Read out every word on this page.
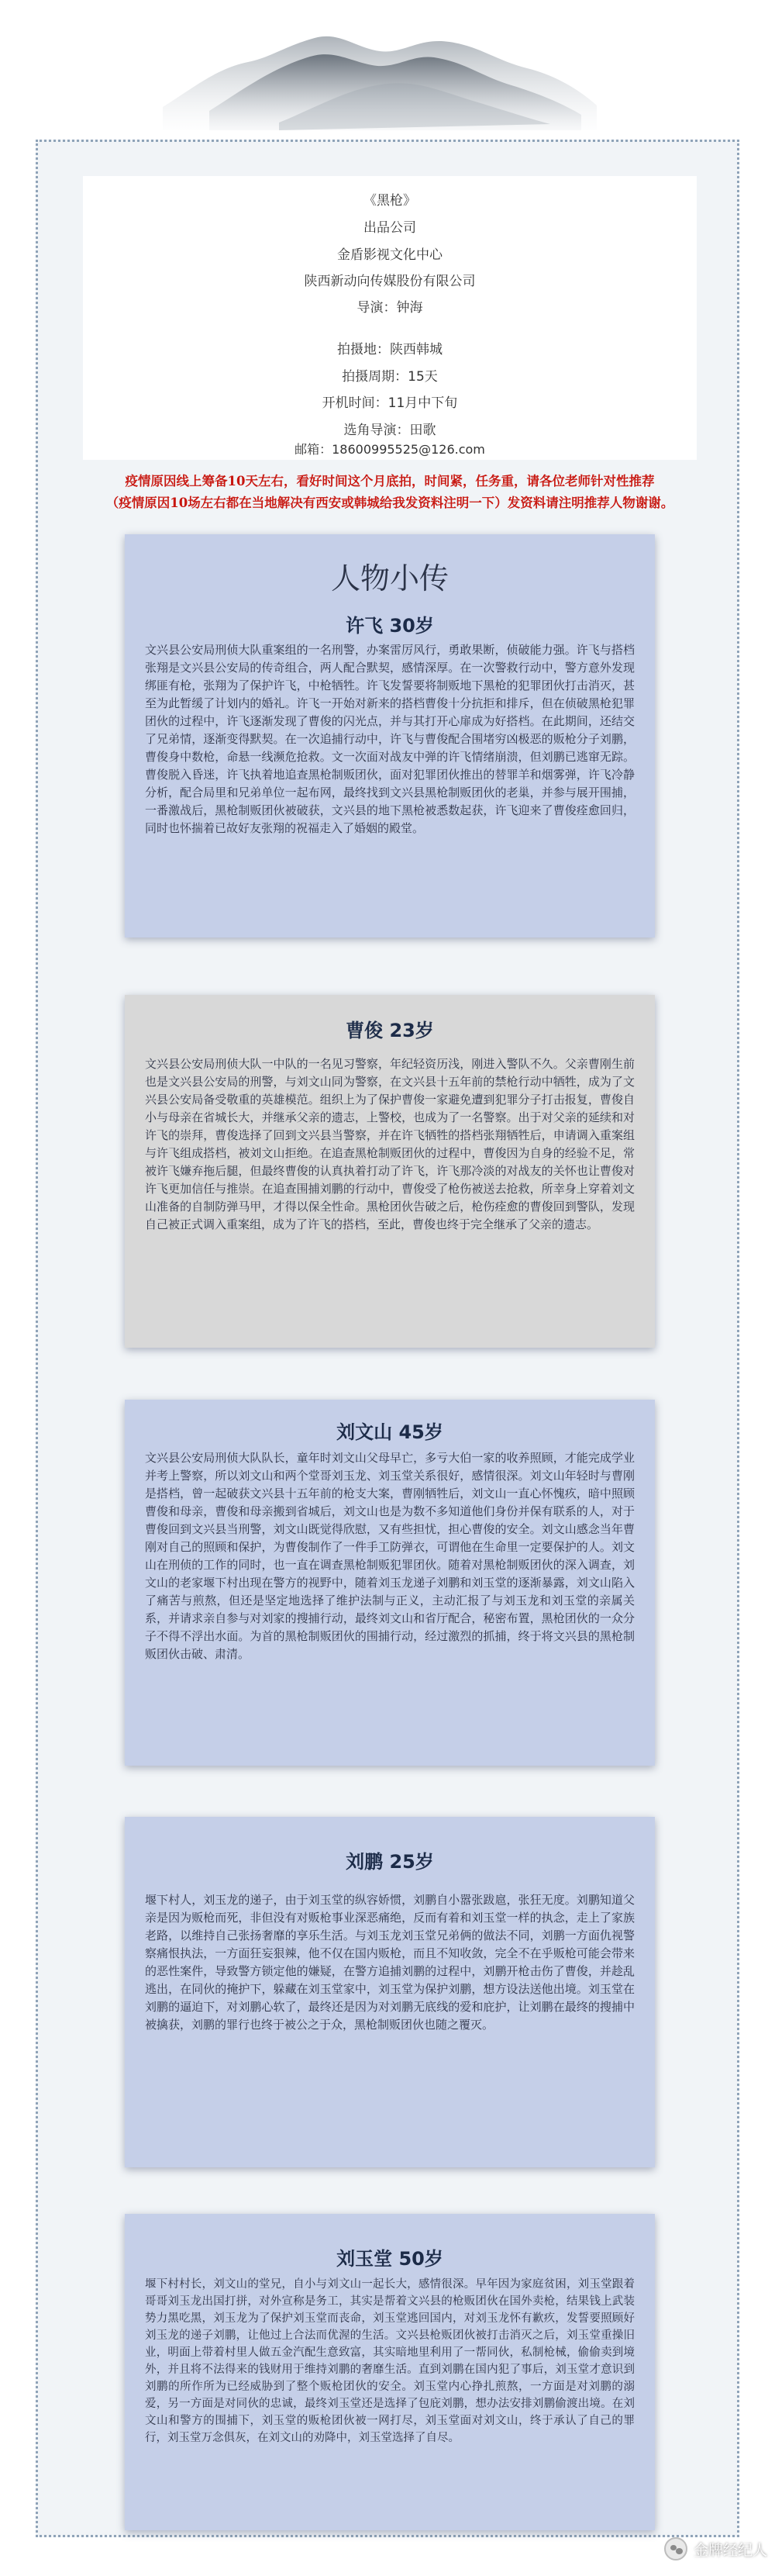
《黑枪》
出品公司
金盾影视文化中心
陕西新动向传媒股份有限公司
导演：钟海
拍摄地：陕西韩城
拍摄周期：15天
开机时间：11月中下旬
选角导演：田歌
邮箱：18600995525@126.com
疫情原因线上筹备10天左右，看好时间这个月底拍，时间紧，任务重，请各位老师针对性推荐
（疫情原因10场左右都在当地解决有西安或韩城给我发资料注明一下）发资料请注明推荐人物谢谢。
人物小传
许飞 30岁
文兴县公安局刑侦大队重案组的一名刑警，办案雷厉风行，勇敢果断，侦破能力强。许飞与搭档张翔是文兴县公安局的传奇组合，两人配合默契，感情深厚。在一次警救行动中，警方意外发现绑匪有枪，张翔为了保护许飞，中枪牺牲。许飞发誓要将制贩地下黑枪的犯罪团伙打击消灭，甚至为此暂缓了计划内的婚礼。许飞一开始对新来的搭档曹俊十分抗拒和排斥，但在侦破黑枪犯罪团伙的过程中，许飞逐渐发现了曹俊的闪光点，并与其打开心扉成为好搭档。在此期间，还结交了兄弟情，逐渐变得默契。在一次追捕行动中，许飞与曹俊配合围堵穷凶极恶的贩枪分子刘鹏，曹俊身中数枪，命悬一线濒危抢救。文一次面对战友中弹的许飞情绪崩溃，但刘鹏已逃窜无踪。曹俊脱入昏迷，许飞执着地追查黑枪制贩团伙，面对犯罪团伙推出的替罪羊和烟雾弹，许飞冷静分析，配合局里和兄弟单位一起布网，最终找到文兴县黑枪制贩团伙的老巢，并参与展开围捕，一番激战后，黑枪制贩团伙被破获，文兴县的地下黑枪被悉数起获，许飞迎来了曹俊痊愈回归，同时也怀揣着已故好友张翔的祝福走入了婚姻的殿堂。
曹俊 23岁
文兴县公安局刑侦大队一中队的一名见习警察，年纪轻资历浅，刚进入警队不久。父亲曹刚生前也是文兴县公安局的刑警，与刘文山同为警察，在文兴县十五年前的禁枪行动中牺牲，成为了文兴县公安局备受敬重的英雄模范。组织上为了保护曹俊一家避免遭到犯罪分子打击报复，曹俊自小与母亲在省城长大，并继承父亲的遗志，上警校，也成为了一名警察。出于对父亲的延续和对许飞的崇拜，曹俊选择了回到文兴县当警察，并在许飞牺牲的搭档张翔牺牲后，申请调入重案组与许飞组成搭档，被刘文山拒绝。在追查黑枪制贩团伙的过程中，曹俊因为自身的经验不足，常被许飞嫌弃拖后腿，但最终曹俊的认真执着打动了许飞，许飞那冷淡的对战友的关怀也让曹俊对许飞更加信任与推崇。在追查围捕刘鹏的行动中，曹俊受了枪伤被送去抢救，所幸身上穿着刘文山准备的自制防弹马甲，才得以保全性命。黑枪团伙告破之后，枪伤痊愈的曹俊回到警队，发现自己被正式调入重案组，成为了许飞的搭档，至此，曹俊也终于完全继承了父亲的遗志。
刘文山 45岁
文兴县公安局刑侦大队队长，童年时刘文山父母早亡，多亏大伯一家的收养照顾，才能完成学业并考上警察，所以刘文山和两个堂哥刘玉龙、刘玉堂关系很好，感情很深。刘文山年轻时与曹刚是搭档，曾一起破获文兴县十五年前的枪支大案，曹刚牺牲后，刘文山一直心怀愧疚，暗中照顾曹俊和母亲，曹俊和母亲搬到省城后，刘文山也是为数不多知道他们身份并保有联系的人，对于曹俊回到文兴县当刑警，刘文山既觉得欣慰，又有些担忧，担心曹俊的安全。刘文山感念当年曹刚对自己的照顾和保护，为曹俊制作了一件手工防弹衣，可谓他在生命里一定要保护的人。刘文山在刑侦的工作的同时，也一直在调查黑枪制贩犯罪团伙。随着对黑枪制贩团伙的深入调查，刘文山的老家堰下村出现在警方的视野中，随着刘玉龙递子刘鹏和刘玉堂的逐渐暴露，刘文山陷入了痛苦与煎熬，但还是坚定地选择了维护法制与正义，主动汇报了与刘玉龙和刘玉堂的亲属关系，并请求亲自参与对刘家的搜捕行动，最终刘文山和省厅配合，秘密布置，黑枪团伙的一众分子不得不浮出水面。为首的黑枪制贩团伙的围捕行动，经过激烈的抓捕，终于将文兴县的黑枪制贩团伙击破、肃清。
刘鹏 25岁
堰下村人，刘玉龙的递子，由于刘玉堂的纵容娇惯，刘鹏自小嚣张跋扈，张狂无度。刘鹏知道父亲是因为贩枪而死，非但没有对贩枪事业深恶痛绝，反而有着和刘玉堂一样的执念，走上了家族老路，以维持自己张扬奢靡的享乐生活。与刘玉龙刘玉堂兄弟俩的做法不同，刘鹏一方面仇视警察痛恨执法，一方面狂妄狠辣，他不仅在国内贩枪，而且不知收敛，完全不在乎贩枪可能会带来的恶性案件，导致警方锁定他的嫌疑，在警方追捕刘鹏的过程中，刘鹏开枪击伤了曹俊，并趁乱逃出，在同伙的掩护下，躲藏在刘玉堂家中，刘玉堂为保护刘鹏，想方设法送他出境。刘玉堂在刘鹏的逼迫下，对刘鹏心软了，最终还是因为对刘鹏无底线的爱和庇护，让刘鹏在最终的搜捕中被擒获，刘鹏的罪行也终于被公之于众，黑枪制贩团伙也随之覆灭。
刘玉堂 50岁
堰下村村长，刘文山的堂兄，自小与刘文山一起长大，感情很深。早年因为家庭贫困，刘玉堂跟着哥哥刘玉龙出国打拼，对外宣称是务工，其实是帮着文兴县的枪贩团伙在国外卖枪，结果钱上武装势力黑吃黑，刘玉龙为了保护刘玉堂而丧命，刘玉堂逃回国内，对刘玉龙怀有歉疚，发誓要照顾好刘玉龙的递子刘鹏，让他过上合法而优渥的生活。文兴县枪贩团伙被打击消灭之后，刘玉堂重操旧业，明面上带着村里人做五金汽配生意致富，其实暗地里利用了一帮同伙，私制枪械，偷偷卖到境外，并且将不法得来的钱财用于维持刘鹏的奢靡生活。直到刘鹏在国内犯了事后，刘玉堂才意识到刘鹏的所作所为已经威胁到了整个贩枪团伙的安全。刘玉堂内心挣扎煎熬，一方面是对刘鹏的溺爱，另一方面是对同伙的忠诚，最终刘玉堂还是选择了包庇刘鹏，想办法安排刘鹏偷渡出境。在刘文山和警方的围捕下，刘玉堂的贩枪团伙被一网打尽，刘玉堂面对刘文山，终于承认了自己的罪行，刘玉堂万念俱灰，在刘文山的劝降中，刘玉堂选择了自尽。
金牌经纪人
